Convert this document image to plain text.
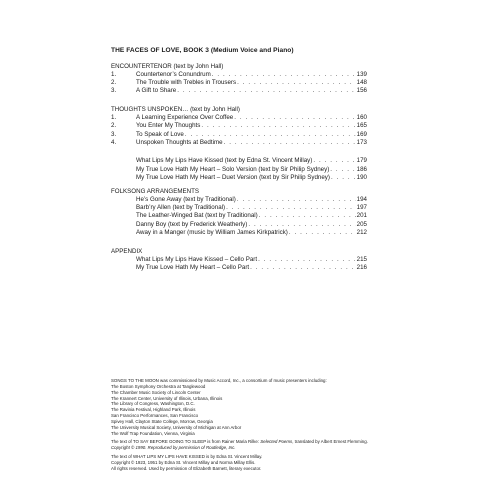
THE FACES OF LOVE, BOOK 3 (Medium Voice and Piano)
ENCOUNTERTENOR (text by John Hall)
1.	Countertenor’s Conundrum . . .	139
2.	The Trouble with Trebles in Trousers . . .	148
3.	A Gift to Share . . .	156
THOUGHTS UNSPOKEN… (text by John Hall)
1.	A Learning Experience Over Coffee . . .	160
2.	You Enter My Thoughts . . .	165
3.	To Speak of Love . . .	169
4.	Unspoken Thoughts at Bedtime . . .	173
What Lips My Lips Have Kissed (text by Edna St. Vincent Millay) . . .	179
My True Love Hath My Heart – Solo Version (text by Sir Philip Sydney) . . .	186
My True Love Hath My Heart – Duet Version (text by Sir Philip Sydney) . . .	190
FOLKSONG ARRANGEMENTS
He’s Gone Away (text by Traditional) . . .	194
Barb’ry Allen (text by Traditional) . . .	197
The Leather-Winged Bat (text by Traditional) . . .	201
Danny Boy (text by Frederick Weatherly) . . .	205
Away in a Manger (music by William James Kirkpatrick) . . .	212
APPENDIX
What Lips My Lips Have Kissed – Cello Part . . .	215
My True Love Hath My Heart – Cello Part . . .	216

SONGS TO THE MOON was commissioned by Music Accord, Inc., a consortium of music presenters including:

The Boston Symphony Orchestra at Tanglewood

The Chamber Music Society of Lincoln Center

The Krannert Center, University of Illinois, Urbana, Illinois

The Library of Congress, Washington, D.C.

The Ravinia Festival, Highland Park, Illinois

San Francisco Performances, San Francisco

Spivey Hall, Clayton State College, Morrow, Georgia

The University Musical Society, University of Michigan at Ann Arbor

The Wolf Trap Foundation, Vienna, Virginia

The text of TO SAY BEFORE GOING TO SLEEP is from Rainer Maria Rilke: Selected Poems, translated by Albert Ernest Flemming.

Copyright © 1990. Reproduced by permission of Routledge, Inc.

The text of WHAT LIPS MY LIPS HAVE KISSED is by Edna St. Vincent Millay.

Copyright © 1923, 1951 by Edna St. Vincent Millay and Norma Millay Ellis.

All rights reserved. Used by permission of Elizabeth Barnett, literary executor.
